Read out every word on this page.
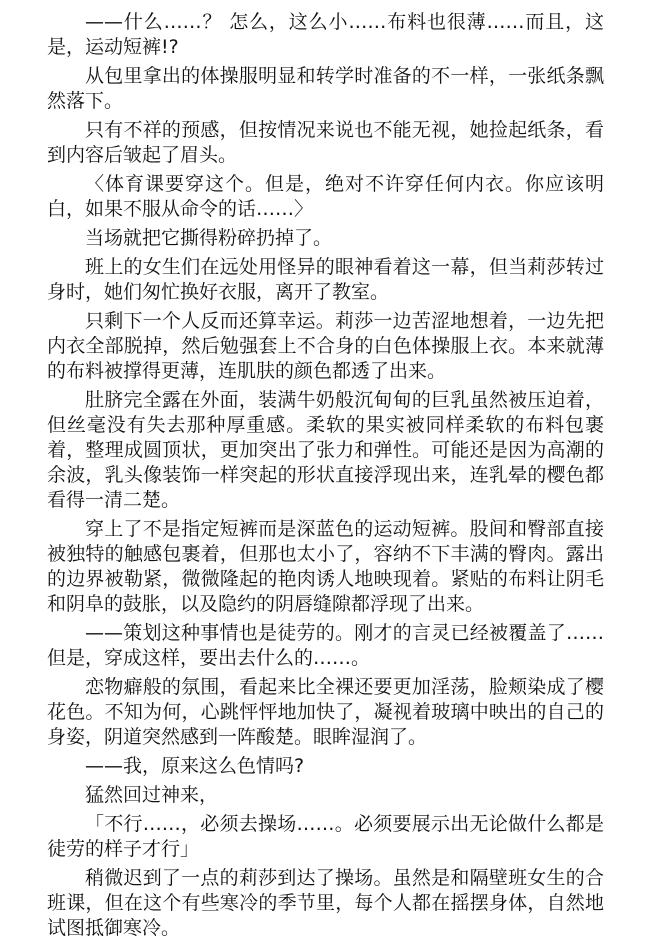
——什么……？ 怎么，这么小……布料也很薄……而且，这是，运动短裤!?

从包里拿出的体操服明显和转学时准备的不一样，一张纸条飘然落下。

只有不祥的预感，但按情况来说也不能无视，她捡起纸条，看到内容后皱起了眉头。

〈体育课要穿这个。但是，绝对不许穿任何内衣。你应该明白，如果不服从命令的话……〉

当场就把它撕得粉碎扔掉了。

班上的女生们在远处用怪异的眼神看着这一幕，但当莉莎转过身时，她们匆忙换好衣服，离开了教室。

只剩下一个人反而还算幸运。莉莎一边苦涩地想着，一边先把内衣全部脱掉，然后勉强套上不合身的白色体操服上衣。本来就薄的布料被撑得更薄，连肌肤的颜色都透了出来。

肚脐完全露在外面，装满牛奶般沉甸甸的巨乳虽然被压迫着，但丝毫没有失去那种厚重感。柔软的果实被同样柔软的布料包裹着，整理成圆顶状，更加突出了张力和弹性。可能还是因为高潮的余波，乳头像装饰一样突起的形状直接浮现出来，连乳晕的樱色都看得一清二楚。

穿上了不是指定短裤而是深蓝色的运动短裤。股间和臀部直接被独特的触感包裹着，但那也太小了，容纳不下丰满的臀肉。露出的边界被勒紧，微微隆起的艳肉诱人地映现着。紧贴的布料让阴毛和阴阜的鼓胀，以及隐约的阴唇缝隙都浮现了出来。

——策划这种事情也是徒劳的。刚才的言灵已经被覆盖了……但是，穿成这样，要出去什么的……。

恋物癖般的氛围，看起来比全裸还要更加淫荡，脸颊染成了樱花色。不知为何，心跳怦怦地加快了，凝视着玻璃中映出的自己的身姿，阴道突然感到一阵酸楚。眼眸湿润了。

——我，原来这么色情吗?

猛然回过神来，

「不行……，必须去操场……。必须要展示出无论做什么都是徒劳的样子才行」

稍微迟到了一点的莉莎到达了操场。虽然是和隔壁班女生的合班课，但在这个有些寒冷的季节里，每个人都在摇摆身体，自然地试图抵御寒冷。
